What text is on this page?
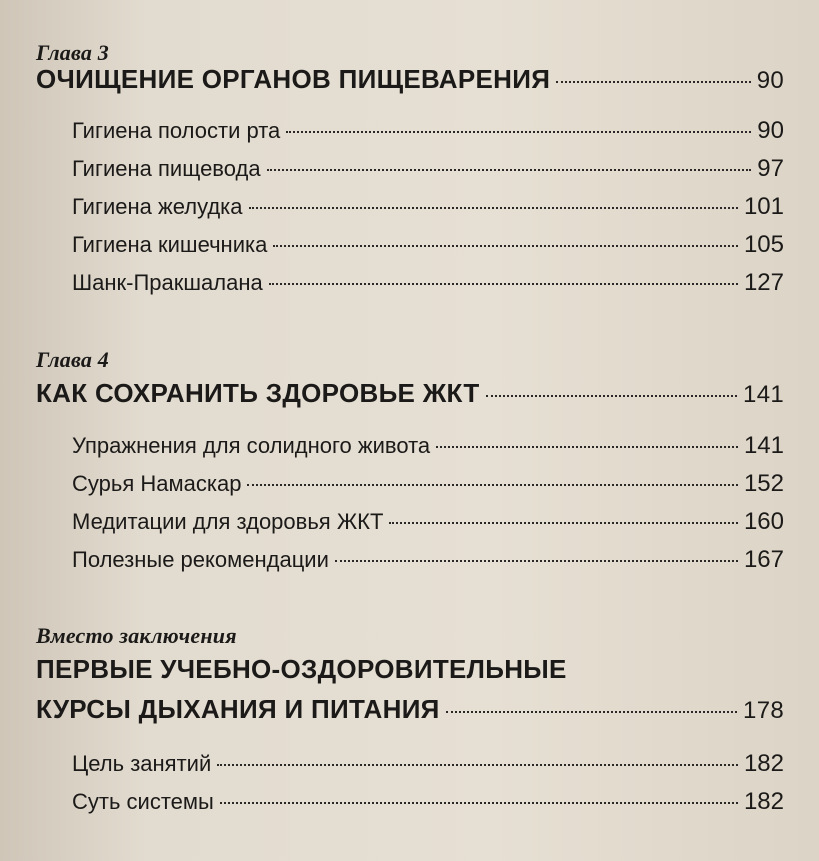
Глава 3
ОЧИЩЕНИЕ ОРГАНОВ ПИЩЕВАРЕНИЯ	90
Гигиена полости рта	90
Гигиена пищевода	97
Гигиена желудка	101
Гигиена кишечника	105
Шанк-Пракшалана	127
Глава 4
КАК СОХРАНИТЬ ЗДОРОВЬЕ ЖКТ	141
Упражнения для солидного живота	141
Сурья Намаскар	152
Медитации для здоровья ЖКТ	160
Полезные рекомендации	167
Вместо заключения
ПЕРВЫЕ УЧЕБНО-ОЗДОРОВИТЕЛЬНЫЕ
КУРСЫ ДЫХАНИЯ И ПИТАНИЯ	178
Цель занятий	182
Суть системы	182
